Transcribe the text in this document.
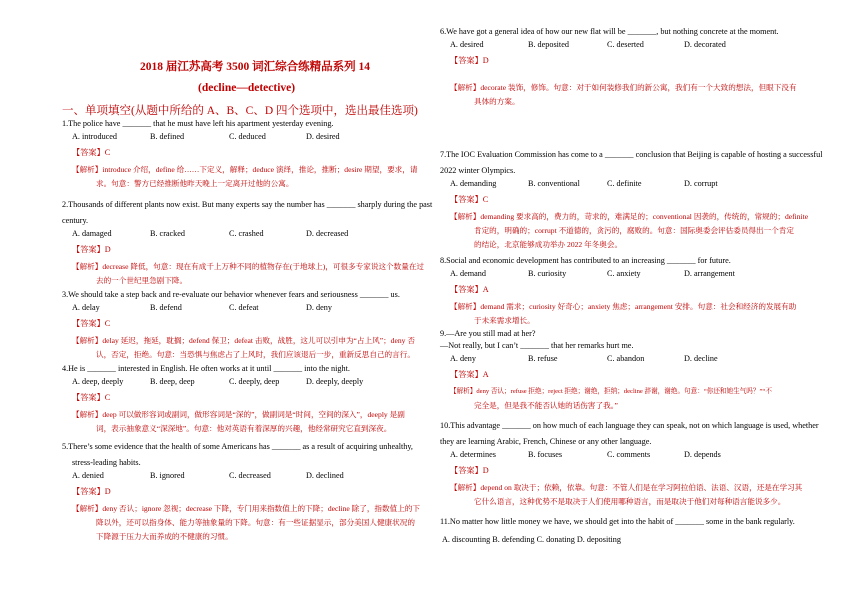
2018 届江苏高考 3500 词汇综合练精品系列 14
(decline—detective)
一、单项填空(从题中所给的 A、B、C、D 四个选项中，选出最佳选项)
1.The police have _______ that he must have left his apartment yesterday evening.
A. introduced	B. defined	C. deduced	D. desired
【答案】C
【解析】introduce 介绍，define 给……下定义，解释；deduce 演绎，推论，推断；desire 期望，要求，请
求。句意：警方已经推断他昨天晚上一定离开过他的公寓。
2.Thousands of different plants now exist. But many experts say the number has _______ sharply during the past
century.
A. damaged	B. cracked	C. crashed	D. decreased
【答案】D
【解析】decrease 降低，句意：现在有成千上万种不同的植物存在(于地球上)，可很多专家说这个数量在过
去的一个世纪里急剧下降。
3.We should take a step back and re-evaluate our behavior whenever fears and seriousness _______ us.
A. delay	B. defend	C. defeat	D. deny
【答案】C
【解析】delay 延迟，拖延，耽搁；defend 保卫；defeat 击败，战胜，这儿可以引申为“占上风”；deny 否
认，否定，拒绝。句意：当恐惧与焦虑占了上风时，我们应该退后一步，重新反思自己的言行。
4.He is _______ interested in English. He often works at it until _______ into the night.
A. deep, deeply	B. deep, deep	C. deeply, deep	D. deeply, deeply
【答案】C
【解析】deep 可以做形容词或副词，做形容词是“深的”，做副词是“时间，空间的深入”，deeply 是副
词，表示抽象意义“深深地”。句意：他对英语有着深厚的兴趣，他经常研究它直到深夜。
5.There’s some evidence that the health of some Americans has _______ as a result of acquiring unhealthy,
stress-leading habits.
A. denied	B. ignored	C. decreased	D. declined
【答案】D
【解析】deny 否认；ignore 忽视；decrease 下降，专门用来指数值上的下降；decline 除了，指数值上的下
降以外，还可以指身体、能力等抽象量的下降。句意：有一些证据显示，部分美国人健康状况的
下降源于压力大而养成的不健康的习惯。
6.We have got a general idea of how our new flat will be _______, but nothing concrete at the moment.
A. desired	B. deposited	C. deserted	D. decorated
【答案】D
【解析】decorate 装饰，修饰。句意：对于如何装修我们的新公寓，我们有一个大致的想法，但眼下没有
具体的方案。
7.The IOC Evaluation Commission has come to a _______ conclusion that Beijing is capable of hosting a successful
2022 winter Olympics.
A. demanding	B. conventional	C. definite	D. corrupt
【答案】C
【解析】demanding 要求高的，费力的，苛求的，难满足的；conventional 因袭的，传统的，常规的；definite
肯定的，明确的；corrupt 不道德的，贪污的，腐败的。句意：国际奥委会评估委员得出一个肯定
的结论，北京能够成功举办 2022 年冬奥会。
8.Social and economic development has contributed to an increasing _______ for future.
A. demand	B. curiosity	C. anxiety	D. arrangement
【答案】A
【解析】demand 需求；curiosity 好奇心；anxiety 焦虑；arrangement 安排。句意：社会和经济的发展有助
于未来需求增长。
9.—Are you still mad at her?
—Not really, but I can’t _______ that her remarks hurt me.
A. deny	B. refuse	C. abandon	D. decline
【答案】A
【解析】deny 否认；refuse 拒绝；reject 拒绝；谢绝，拒纳；decline 辞谢，谢绝。句意：“你还和她生气吗？”“不
完全是，但是我不能否认她的话伤害了我。”
10.This advantage _______ on how much of each language they can speak, not on which language is used, whether
they are learning Arabic, French, Chinese or any other language.
A. determines	B. focuses	C. comments	D. depends
【答案】D
【解析】depend on 取决于；依赖，依靠。句意：不管人们是在学习阿拉伯语、法语、汉语，还是在学习其
它什么语言，这种优势不是取决于人们使用哪种语言，而是取决于他们对每种语言能说多少。
11.No matter how little money we have, we should get into the habit of _______ some in the bank regularly.
A. discounting B. defending C. donating D. depositing
